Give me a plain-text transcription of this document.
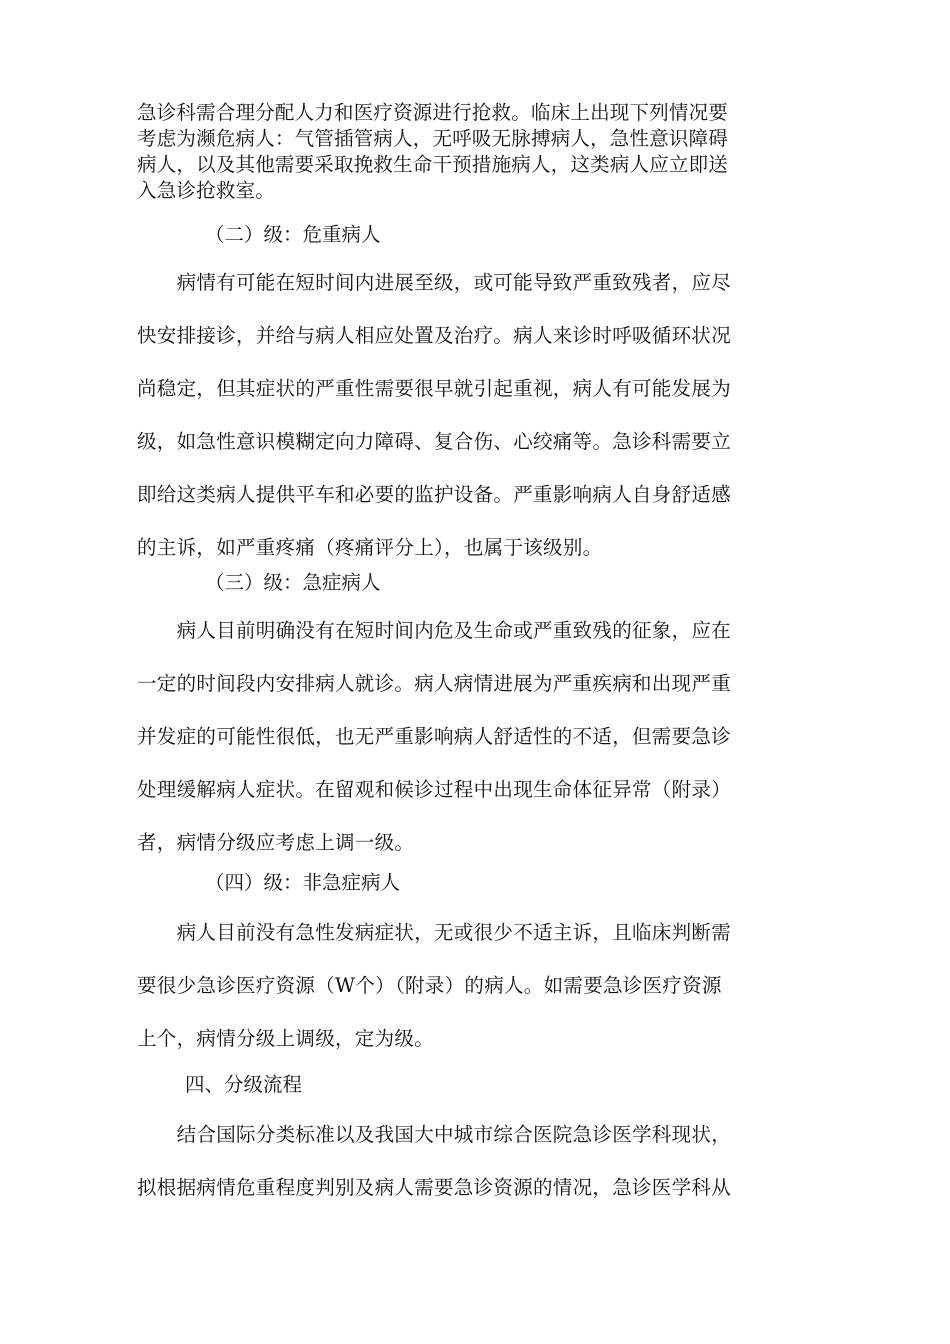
急诊科需合理分配人力和医疗资源进行抢救。临床上出现下列情况要
考虑为濒危病人：气管插管病人，无呼吸无脉搏病人，急性意识障碍
病人，以及其他需要采取挽救生命干预措施病人，这类病人应立即送
入急诊抢救室。
（二）级：危重病人
　　病情有可能在短时间内进展至级，或可能导致严重致残者，应尽
快安排接诊，并给与病人相应处置及治疗。病人来诊时呼吸循环状况
尚稳定，但其症状的严重性需要很早就引起重视，病人有可能发展为
级，如急性意识模糊定向力障碍、复合伤、心绞痛等。急诊科需要立
即给这类病人提供平车和必要的监护设备。严重影响病人自身舒适感
的主诉，如严重疼痛（疼痛评分上），也属于该级别。
（三）级：急症病人
　　病人目前明确没有在短时间内危及生命或严重致残的征象，应在
一定的时间段内安排病人就诊。病人病情进展为严重疾病和出现严重
并发症的可能性很低，也无严重影响病人舒适性的不适，但需要急诊
处理缓解病人症状。在留观和候诊过程中出现生命体征异常（附录）
者，病情分级应考虑上调一级。
（四）级：非急症病人
　　病人目前没有急性发病症状，无或很少不适主诉，且临床判断需
要很少急诊医疗资源（W个）（附录）的病人。如需要急诊医疗资源
上个，病情分级上调级，定为级。
四、分级流程
　　结合国际分类标准以及我国大中城市综合医院急诊医学科现状，
拟根据病情危重程度判别及病人需要急诊资源的情况，急诊医学科从
